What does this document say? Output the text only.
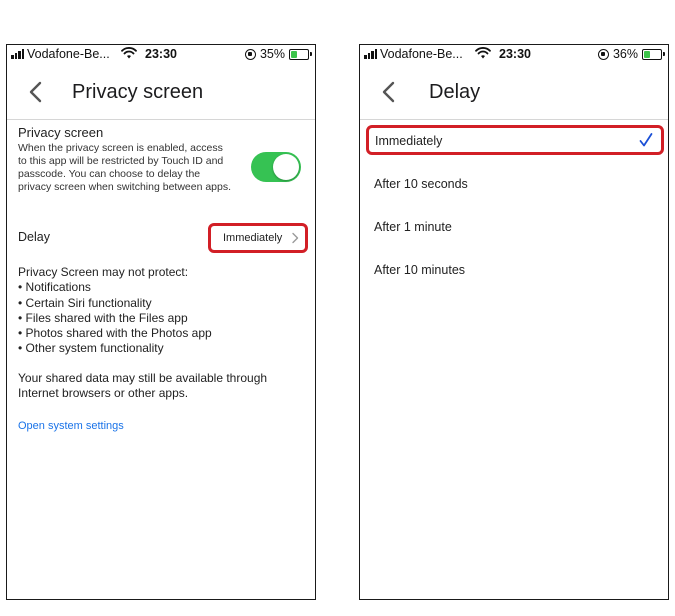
Vodafone-Be...	23:30	35%
Privacy screen
Privacy screen
When the privacy screen is enabled, access to this app will be restricted by Touch ID and passcode. You can choose to delay the privacy screen when switching between apps.
Delay	Immediately

Privacy Screen may not protect:

• Notifications
• Certain Siri functionality
• Files shared with the Files app
• Photos shared with the Photos app
• Other system functionality
Your shared data may still be available through Internet browsers or other apps.
Open system settings
Vodafone-Be...	23:30	36%
Delay
Immediately
After 10 seconds
After 1 minute
After 10 minutes
